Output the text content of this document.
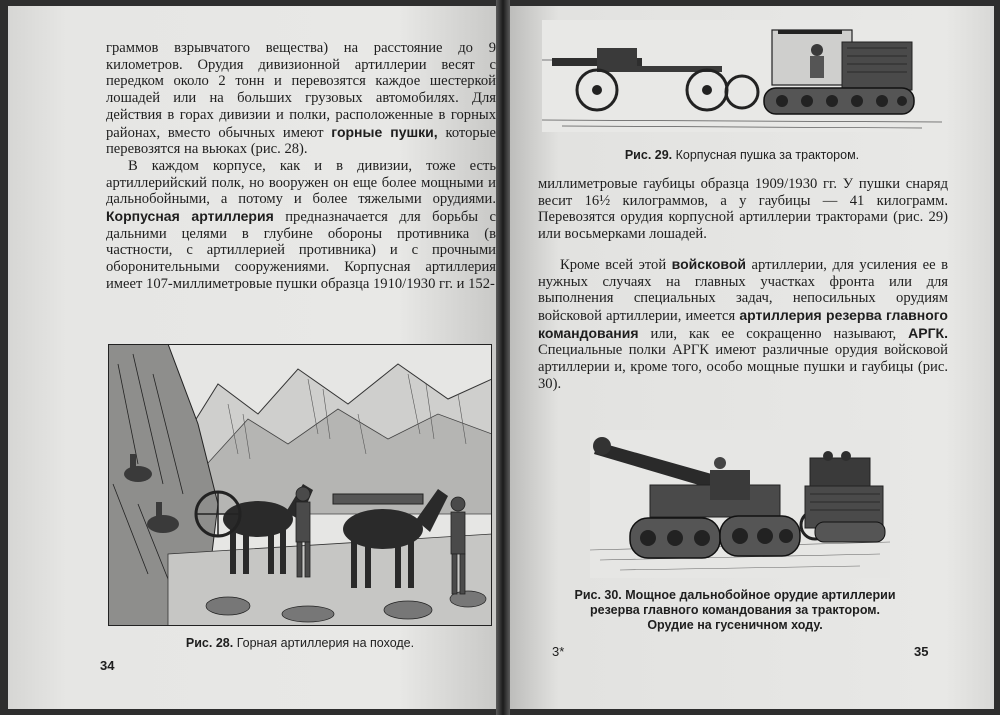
граммов взрывчатого вещества) на расстояние до 9 километров. Орудия дивизионной артиллерии весят с передком около 2 тонн и перевозятся каждое шестеркой лошадей или на больших грузовых автомобилях. Для действия в горах дивизии и полки, расположенные в горных районах, вместо обычных имеют горные пушки, которые перевозятся на вьюках (рис. 28).

В каждом корпусе, как и в дивизии, тоже есть артиллерийский полк, но вооружен он еще более мощными и дальнобойными, а потому и более тяжелыми орудиями. Корпусная артиллерия предназначается для борьбы с дальними целями в глубине обороны противника (в частности, с артиллерией противника) и с прочными оборонительными сооружениями. Корпусная артиллерия имеет 107-миллиметровые пушки образца 1910/1930 гг. и 152-

Рис. 28. Горная артиллерия на походе.
34
Рис. 29. Корпусная пушка за трактором.

миллиметровые гаубицы образца 1909/1930 гг. У пушки снаряд весит 16½ килограммов, а у гаубицы — 41 килограмм. Перевозятся орудия корпусной артиллерии тракторами (рис. 29) или восьмерками лошадей.

Кроме всей этой войсковой артиллерии, для усиления ее в нужных случаях на главных участках фронта или для выполнения специальных задач, непосильных орудиям войсковой артиллерии, имеется артиллерия резерва главного командования или, как ее сокращенно называют, АРГК. Специальные полки АРГК имеют различные орудия войсковой артиллерии и, кроме того, особо мощные пушки и гаубицы (рис. 30).

Рис. 30. Мощное дальнобойное орудие артиллерии
резерва главного командования за трактором.
Орудие на гусеничном ходу.
3*	35
